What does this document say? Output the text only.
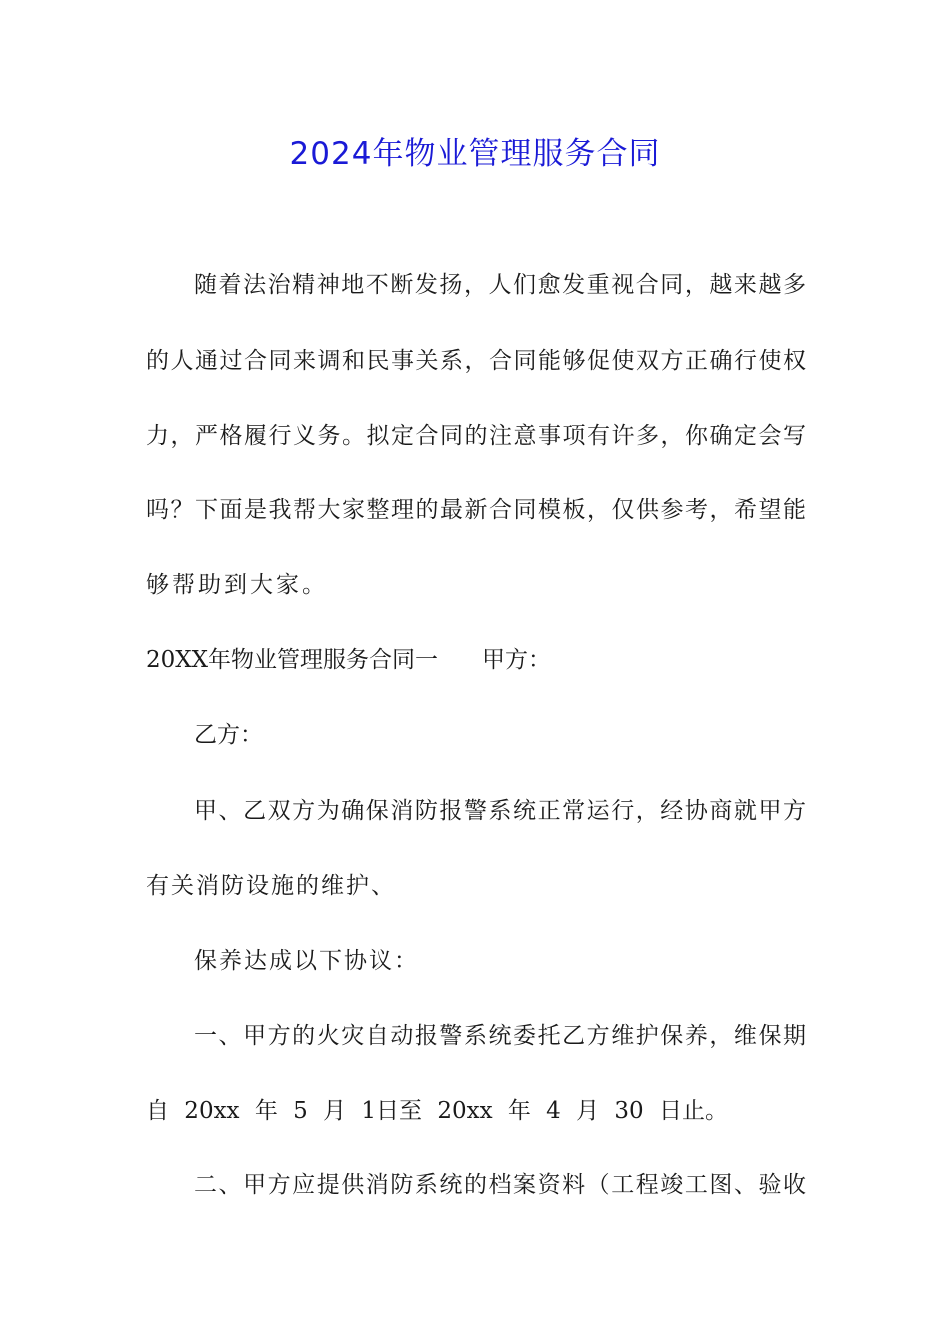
2024年物业管理服务合同

随着法治精神地不断发扬，人们愈发重视合同，越来越多

的人通过合同来调和民事关系，合同能够促使双方正确行使权

力，严格履行义务。拟定合同的注意事项有许多，你确定会写

吗？下面是我帮大家整理的最新合同模板，仅供参考，希望能

够帮助到大家。

20XX年物业管理服务合同一 甲方：

乙方：

甲、乙双方为确保消防报警系统正常运行，经协商就甲方

有关消防设施的维护、

保养达成以下协议：

一、甲方的火灾自动报警系统委托乙方维护保养，维保期

自 20xx 年 5 月 1日至 20xx 年 4 月 30 日止。

二、甲方应提供消防系统的档案资料（工程竣工图、验收
